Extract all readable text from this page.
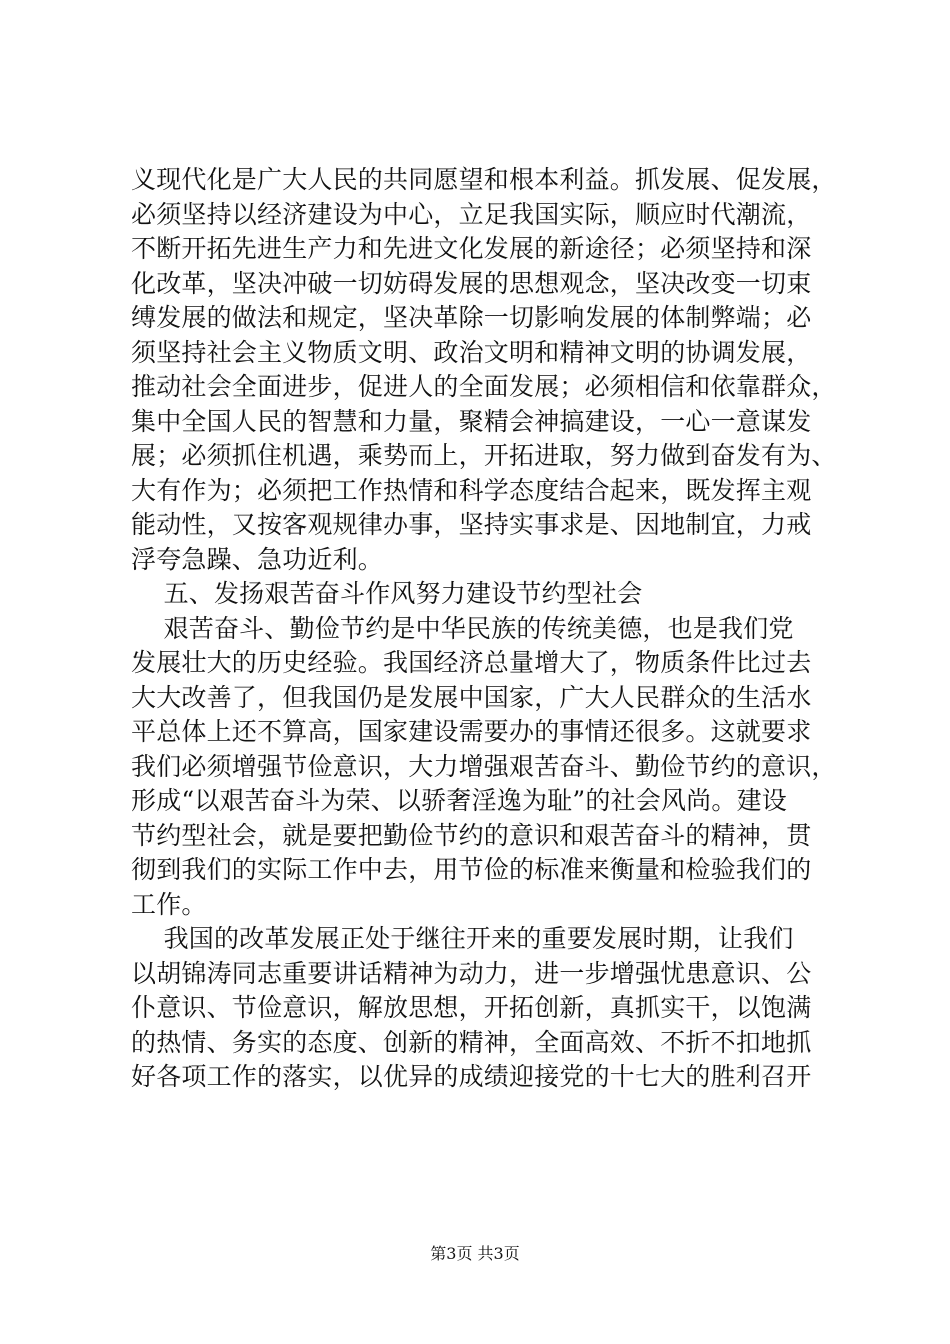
义现代化是广大人民的共同愿望和根本利益。抓发展、促发展，
必须坚持以经济建设为中心，立足我国实际，顺应时代潮流，
不断开拓先进生产力和先进文化发展的新途径；必须坚持和深
化改革，坚决冲破一切妨碍发展的思想观念，坚决改变一切束
缚发展的做法和规定，坚决革除一切影响发展的体制弊端；必
须坚持社会主义物质文明、政治文明和精神文明的协调发展，
推动社会全面进步，促进人的全面发展；必须相信和依靠群众，
集中全国人民的智慧和力量，聚精会神搞建设，一心一意谋发
展；必须抓住机遇，乘势而上，开拓进取，努力做到奋发有为、
大有作为；必须把工作热情和科学态度结合起来，既发挥主观
能动性，又按客观规律办事，坚持实事求是、因地制宜，力戒
浮夸急躁、急功近利。
五、发扬艰苦奋斗作风努力建设节约型社会
艰苦奋斗、勤俭节约是中华民族的传统美德，也是我们党
发展壮大的历史经验。我国经济总量增大了，物质条件比过去
大大改善了，但我国仍是发展中国家，广大人民群众的生活水
平总体上还不算高，国家建设需要办的事情还很多。这就要求
我们必须增强节俭意识，大力增强艰苦奋斗、勤俭节约的意识，
形成“以艰苦奋斗为荣、以骄奢淫逸为耻”的社会风尚。建设
节约型社会，就是要把勤俭节约的意识和艰苦奋斗的精神，贯
彻到我们的实际工作中去，用节俭的标准来衡量和检验我们的
工作。
我国的改革发展正处于继往开来的重要发展时期，让我们
以胡锦涛同志重要讲话精神为动力，进一步增强忧患意识、公
仆意识、节俭意识，解放思想，开拓创新，真抓实干，以饱满
的热情、务实的态度、创新的精神，全面高效、不折不扣地抓
好各项工作的落实，以优异的成绩迎接党的十七大的胜利召开
第3页 共3页
